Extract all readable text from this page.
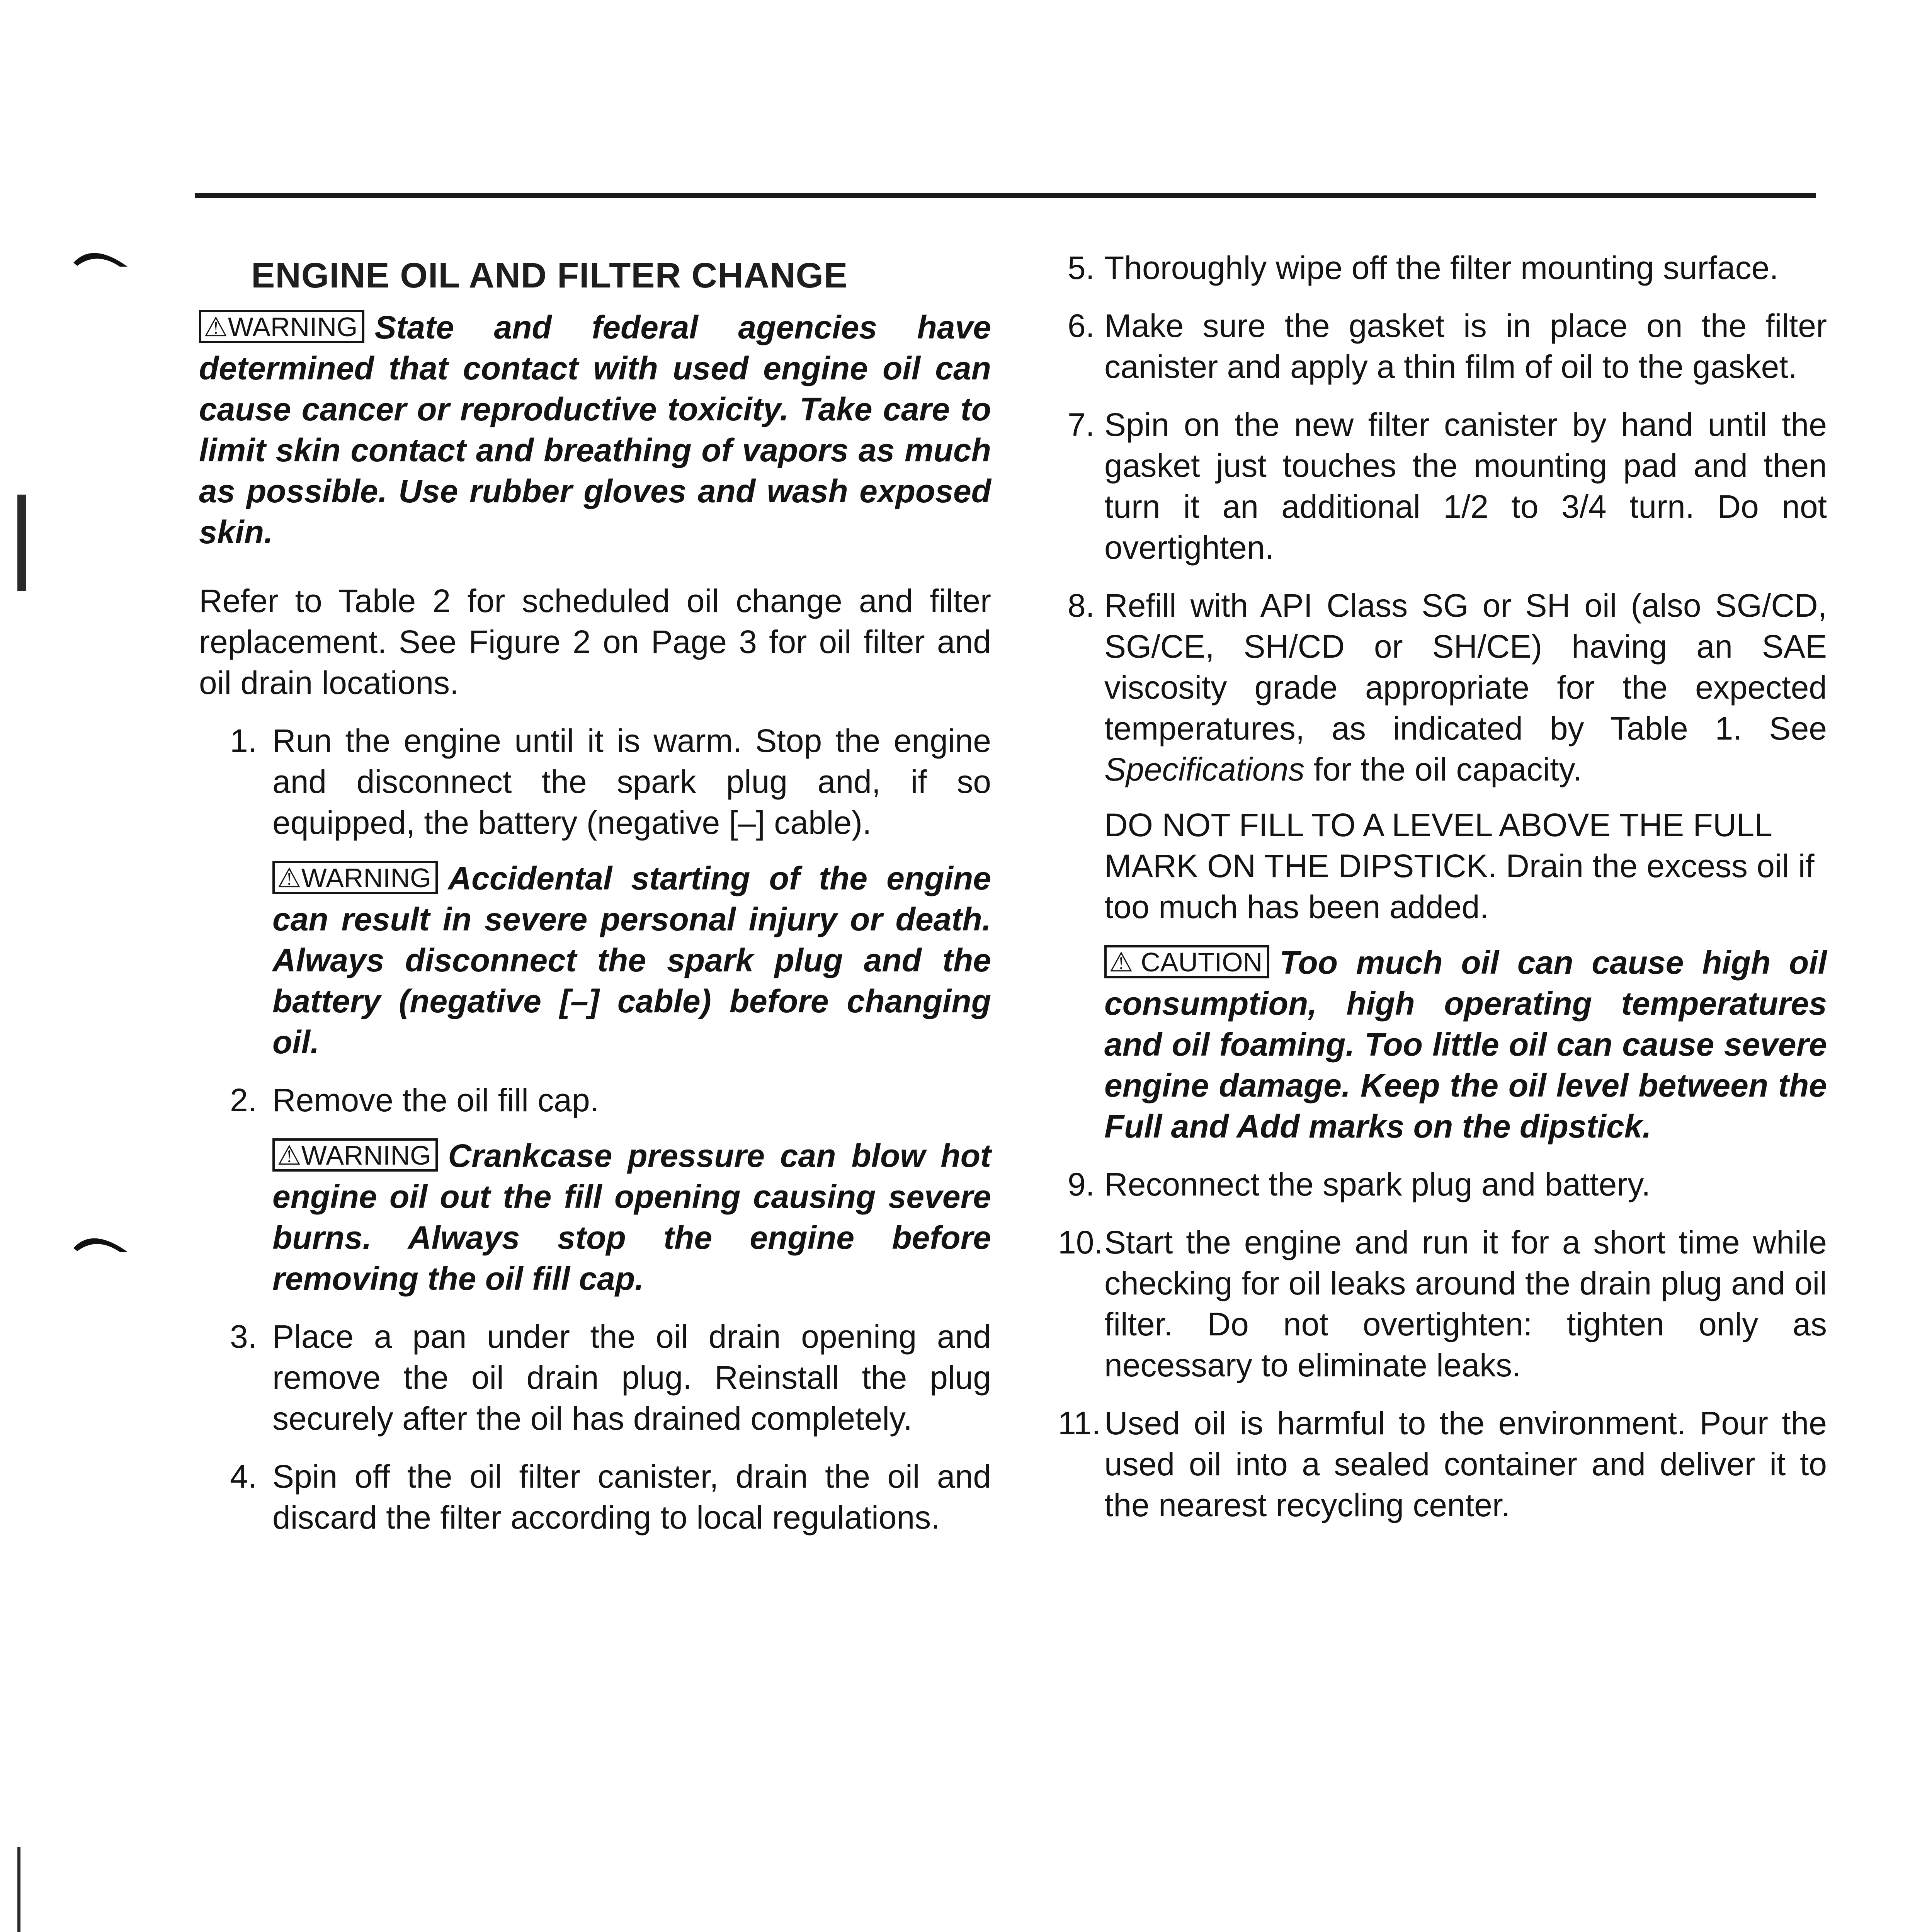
ENGINE OIL AND FILTER CHANGE

⚠WARNING State and federal agencies have determined that contact with used engine oil can cause cancer or reproductive toxicity. Take care to limit skin contact and breathing of vapors as much as possible. Use rubber gloves and wash exposed skin.

Refer to Table 2 for scheduled oil change and filter replacement. See Figure 2 on Page 3 for oil filter and oil drain locations.

1. Run the engine until it is warm. Stop the engine and disconnect the spark plug and, if so equipped, the battery (negative [–] cable).

⚠WARNING Accidental starting of the engine can result in severe personal injury or death. Always disconnect the spark plug and the battery (negative [–] cable) before changing oil.

2. Remove the oil fill cap.

⚠WARNING Crankcase pressure can blow hot engine oil out the fill opening causing severe burns. Always stop the engine before removing the oil fill cap.

3. Place a pan under the oil drain opening and remove the oil drain plug. Reinstall the plug securely after the oil has drained completely.

4. Spin off the oil filter canister, drain the oil and discard the filter according to local regulations.

5. Thoroughly wipe off the filter mounting surface.

6. Make sure the gasket is in place on the filter canister and apply a thin film of oil to the gasket.

7. Spin on the new filter canister by hand until the gasket just touches the mounting pad and then turn it an additional 1/2 to 3/4 turn. Do not overtighten.

8. Refill with API Class SG or SH oil (also SG/CD, SG/CE, SH/CD or SH/CE) having an SAE viscosity grade appropriate for the expected temperatures, as indicated by Table 1. See Specifications for the oil capacity.

DO NOT FILL TO A LEVEL ABOVE THE FULL MARK ON THE DIPSTICK. Drain the excess oil if too much has been added.

⚠ CAUTION Too much oil can cause high oil consumption, high operating temperatures and oil foaming. Too little oil can cause severe engine damage. Keep the oil level between the Full and Add marks on the dipstick.

9. Reconnect the spark plug and battery.

10. Start the engine and run it for a short time while checking for oil leaks around the drain plug and oil filter. Do not overtighten: tighten only as necessary to eliminate leaks.

11. Used oil is harmful to the environment. Pour the used oil into a sealed container and deliver it to the nearest recycling center.
